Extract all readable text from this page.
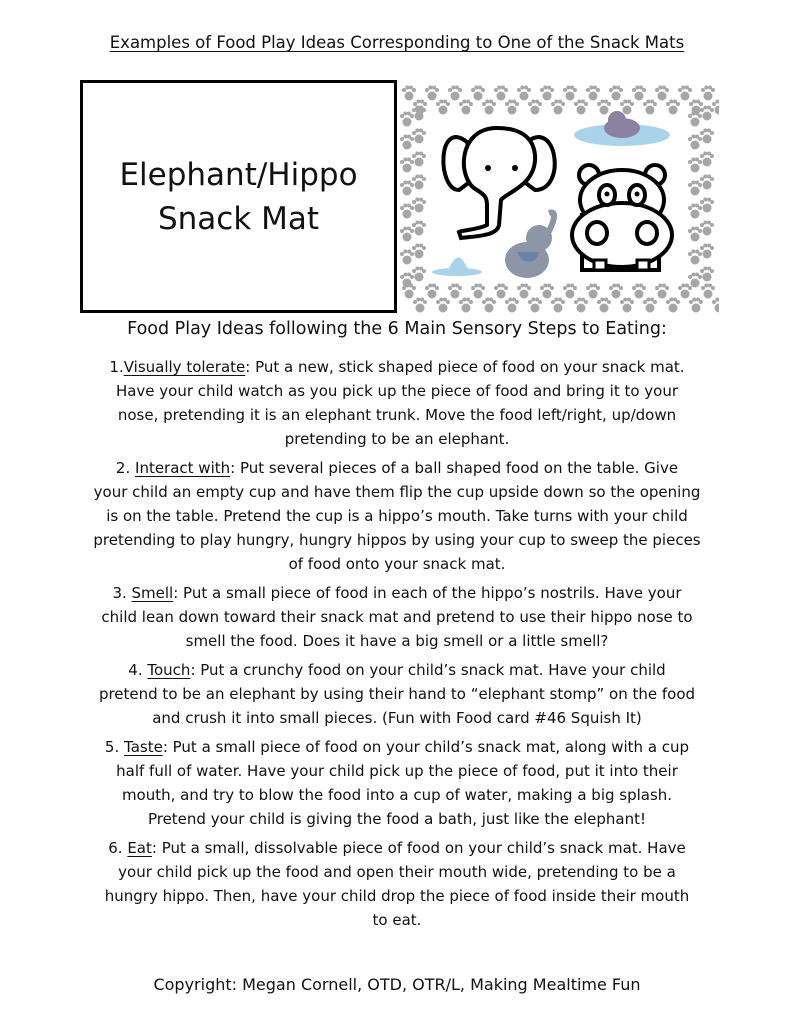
Examples of Food Play Ideas Corresponding to One of the Snack Mats
Elephant/Hippo
Snack Mat
Food Play Ideas following the 6 Main Sensory Steps to Eating:
1.Visually tolerate: Put a new, stick shaped piece of food on your snack mat.
Have your child watch as you pick up the piece of food and bring it to your
nose, pretending it is an elephant trunk. Move the food left/right, up/down
pretending to be an elephant.
2. Interact with: Put several pieces of a ball shaped food on the table. Give
your child an empty cup and have them flip the cup upside down so the opening
is on the table. Pretend the cup is a hippo’s mouth. Take turns with your child
pretending to play hungry, hungry hippos by using your cup to sweep the pieces
of food onto your snack mat.
3. Smell: Put a small piece of food in each of the hippo’s nostrils. Have your
child lean down toward their snack mat and pretend to use their hippo nose to
smell the food. Does it have a big smell or a little smell?
4. Touch: Put a crunchy food on your child’s snack mat. Have your child
pretend to be an elephant by using their hand to “elephant stomp” on the food
and crush it into small pieces. (Fun with Food card #46 Squish It)
5. Taste: Put a small piece of food on your child’s snack mat, along with a cup
half full of water. Have your child pick up the piece of food, put it into their
mouth, and try to blow the food into a cup of water, making a big splash.
Pretend your child is giving the food a bath, just like the elephant!
6. Eat: Put a small, dissolvable piece of food on your child’s snack mat. Have
your child pick up the food and open their mouth wide, pretending to be a
hungry hippo. Then, have your child drop the piece of food inside their mouth
to eat.
Copyright: Megan Cornell, OTD, OTR/L, Making Mealtime Fun
